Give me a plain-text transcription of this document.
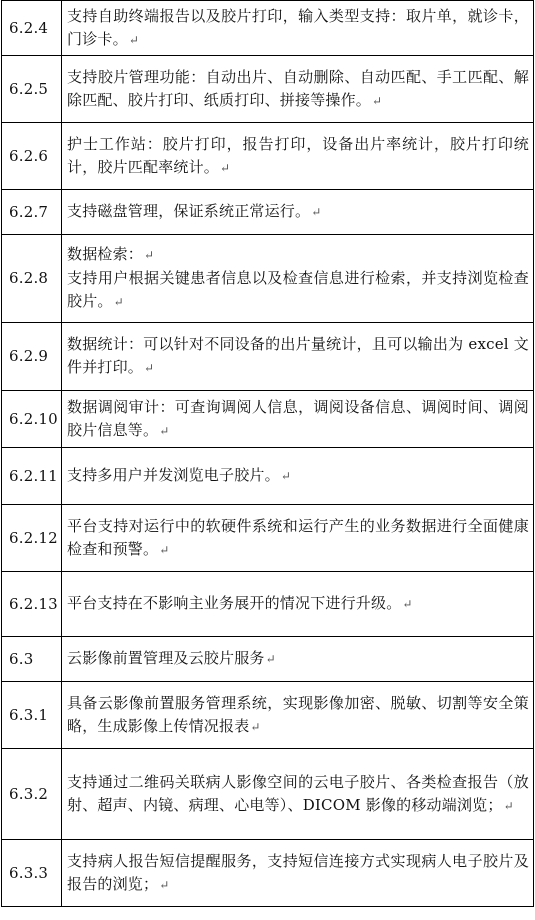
6.2.4	支持自助终端报告以及胶片打印，输入类型支持：取片单，就诊卡，门诊卡。↵

6.2.5	支持胶片管理功能：自动出片、自动删除、自动匹配、手工匹配、解除匹配、胶片打印、纸质打印、拼接等操作。↵

6.2.6	护士工作站：胶片打印，报告打印，设备出片率统计，胶片打印统计，胶片匹配率统计。↵

6.2.7	支持磁盘管理，保证系统正常运行。↵

6.2.8	数据检索：↵
支持用户根据关键患者信息以及检查信息进行检索，并支持浏览检查胶片。↵

6.2.9	数据统计：可以针对不同设备的出片量统计，且可以输出为 excel 文件并打印。↵

6.2.10	数据调阅审计：可查询调阅人信息，调阅设备信息、调阅时间、调阅胶片信息等。↵

6.2.11	支持多用户并发浏览电子胶片。↵

6.2.12	平台支持对运行中的软硬件系统和运行产生的业务数据进行全面健康检查和预警。↵

6.2.13	平台支持在不影响主业务展开的情况下进行升级。↵

6.3	云影像前置管理及云胶片服务↵

6.3.1	具备云影像前置服务管理系统，实现影像加密、脱敏、切割等安全策略，生成影像上传情况报表↵

6.3.2	支持通过二维码关联病人影像空间的云电子胶片、各类检查报告（放射、超声、内镜、病理、心电等）、DICOM 影像的移动端浏览；↵

6.3.3	支持病人报告短信提醒服务，支持短信连接方式实现病人电子胶片及报告的浏览；↵
